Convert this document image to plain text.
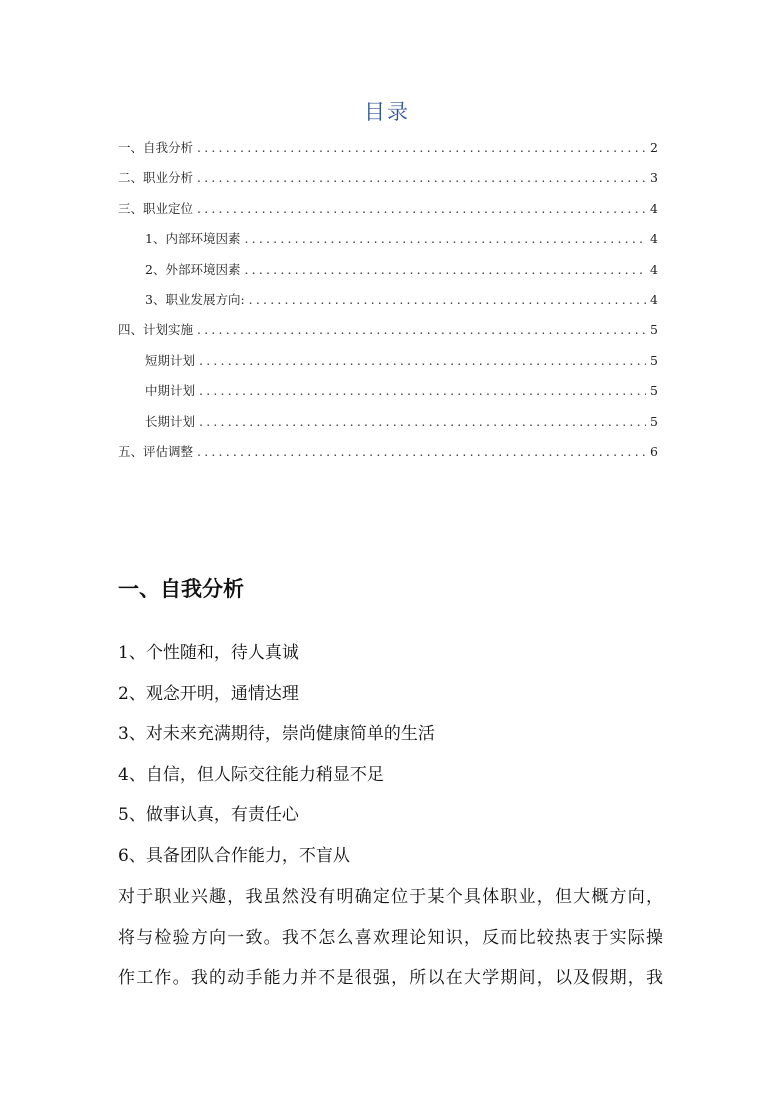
目录
一、自我分析 .....	2
二、职业分析 .....	3
三、职业定位 .....	4
1、内部环境因素 .....	4
2、外部环境因素 .....	4
3、职业发展方向: .....	4
四、计划实施 .....	5
短期计划 .....	5
中期计划 .....	5
长期计划 .....	5
五、评估调整 .....	6
一、自我分析
1、个性随和，待人真诚
2、观念开明，通情达理
3、对未来充满期待，崇尚健康简单的生活
4、自信，但人际交往能力稍显不足
5、做事认真，有责任心
6、具备团队合作能力，不盲从
对于职业兴趣，我虽然没有明确定位于某个具体职业，但大概方向，
将与检验方向一致。我不怎么喜欢理论知识，反而比较热衷于实际操
作工作。我的动手能力并不是很强，所以在大学期间，以及假期，我
